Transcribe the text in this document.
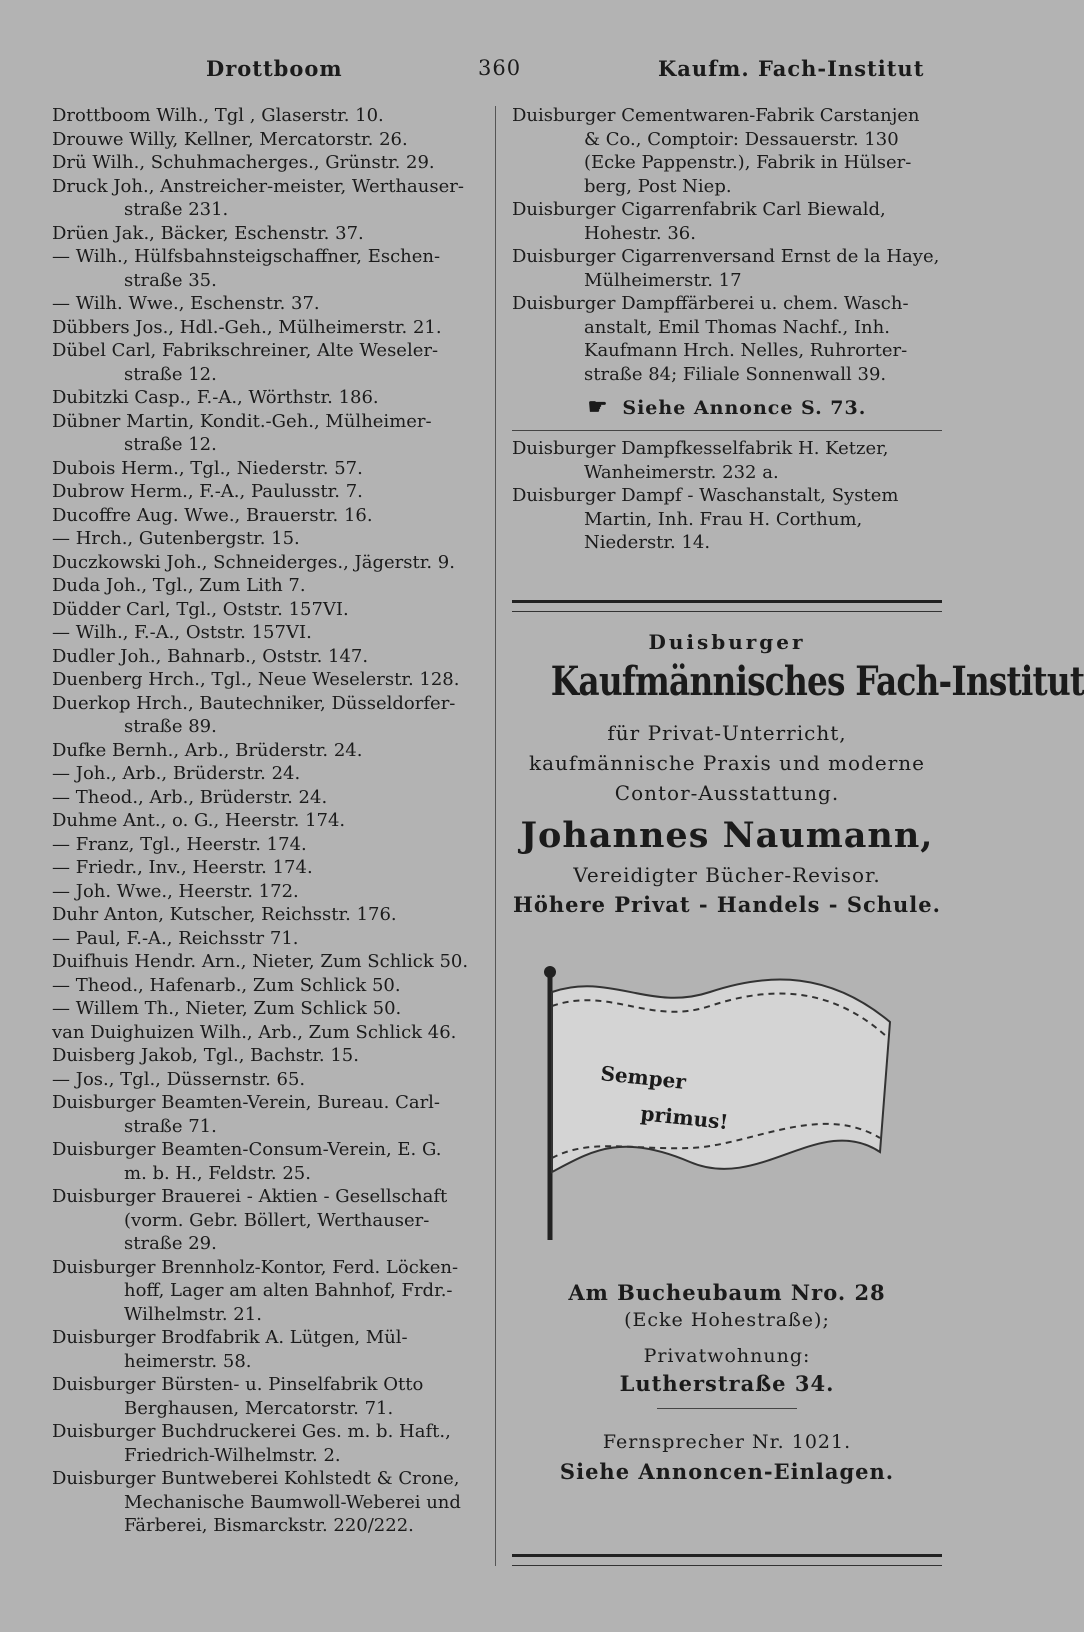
Drottboom	360	Kaufm. Fach-Institut
Drottboom Wilh., Tgl , Glaserstr. 10.
Drouwe Willy, Kellner, Mercatorstr. 26.
Drü Wilh., Schuhmacherges., Grünstr. 29.
Druck Joh., Anstreicher-meister, Werthauser-
straße 231.
Drüen Jak., Bäcker, Eschenstr. 37.
— Wilh., Hülfsbahnsteigschaffner, Eschen-
straße 35.
— Wilh. Wwe., Eschenstr. 37.
Dübbers Jos., Hdl.-Geh., Mülheimerstr. 21.
Dübel Carl, Fabrikschreiner, Alte Weseler-
straße 12.
Dubitzki Casp., F.-A., Wörthstr. 186.
Dübner Martin, Kondit.-Geh., Mülheimer-
straße 12.
Dubois Herm., Tgl., Niederstr. 57.
Dubrow Herm., F.-A., Paulusstr. 7.
Ducoffre Aug. Wwe., Brauerstr. 16.
— Hrch., Gutenbergstr. 15.
Duczkowski Joh., Schneiderges., Jägerstr. 9.
Duda Joh., Tgl., Zum Lith 7.
Düdder Carl, Tgl., Oststr. 157VI.
— Wilh., F.-A., Oststr. 157VI.
Dudler Joh., Bahnarb., Oststr. 147.
Duenberg Hrch., Tgl., Neue Weselerstr. 128.
Duerkop Hrch., Bautechniker, Düsseldorfer-
straße 89.
Dufke Bernh., Arb., Brüderstr. 24.
— Joh., Arb., Brüderstr. 24.
— Theod., Arb., Brüderstr. 24.
Duhme Ant., o. G., Heerstr. 174.
— Franz, Tgl., Heerstr. 174.
— Friedr., Inv., Heerstr. 174.
— Joh. Wwe., Heerstr. 172.
Duhr Anton, Kutscher, Reichsstr. 176.
— Paul, F.-A., Reichsstr 71.
Duifhuis Hendr. Arn., Nieter, Zum Schlick 50.
— Theod., Hafenarb., Zum Schlick 50.
— Willem Th., Nieter, Zum Schlick 50.
van Duighuizen Wilh., Arb., Zum Schlick 46.
Duisberg Jakob, Tgl., Bachstr. 15.
— Jos., Tgl., Düssernstr. 65.
Duisburger Beamten-Verein, Bureau. Carl-
straße 71.
Duisburger Beamten-Consum-Verein, E. G.
m. b. H., Feldstr. 25.
Duisburger Brauerei - Aktien - Gesellschaft
(vorm. Gebr. Böllert, Werthauser-
straße 29.
Duisburger Brennholz-Kontor, Ferd. Löcken-
hoff, Lager am alten Bahnhof, Frdr.-
Wilhelmstr. 21.
Duisburger Brodfabrik A. Lütgen, Mül-
heimerstr. 58.
Duisburger Bürsten- u. Pinselfabrik Otto
Berghausen, Mercatorstr. 71.
Duisburger Buchdruckerei Ges. m. b. Haft.,
Friedrich-Wilhelmstr. 2.
Duisburger Buntweberei Kohlstedt & Crone,
Mechanische Baumwoll-Weberei und
Färberei, Bismarckstr. 220/222.
Duisburger Cementwaren-Fabrik Carstanjen
& Co., Comptoir: Dessauerstr. 130
(Ecke Pappenstr.), Fabrik in Hülser-
berg, Post Niep.
Duisburger Cigarrenfabrik Carl Biewald,
Hohestr. 36.
Duisburger Cigarrenversand Ernst de la Haye,
Mülheimerstr. 17
Duisburger Dampffärberei u. chem. Wasch-
anstalt, Emil Thomas Nachf., Inh.
Kaufmann Hrch. Nelles, Ruhrorter-
straße 84; Filiale Sonnenwall 39.
☛ Siehe Annonce S. 73.
Duisburger Dampfkesselfabrik H. Ketzer,
Wanheimerstr. 232 a.
Duisburger Dampf - Waschanstalt, System
Martin, Inh. Frau H. Corthum,
Niederstr. 14.
Duisburger
Kaufmännisches Fach-Institut
für Privat-Unterricht,
kaufmännische Praxis und moderne
Contor-Ausstattung.
Johannes Naumann,
Vereidigter Bücher-Revisor.
Höhere Privat - Handels - Schule.
Semper
primus!
Am Bucheubaum Nro. 28
(Ecke Hohestraße);
Privatwohnung:
Lutherstraße 34.
Fernsprecher Nr. 1021.
Siehe Annoncen-Einlagen.
